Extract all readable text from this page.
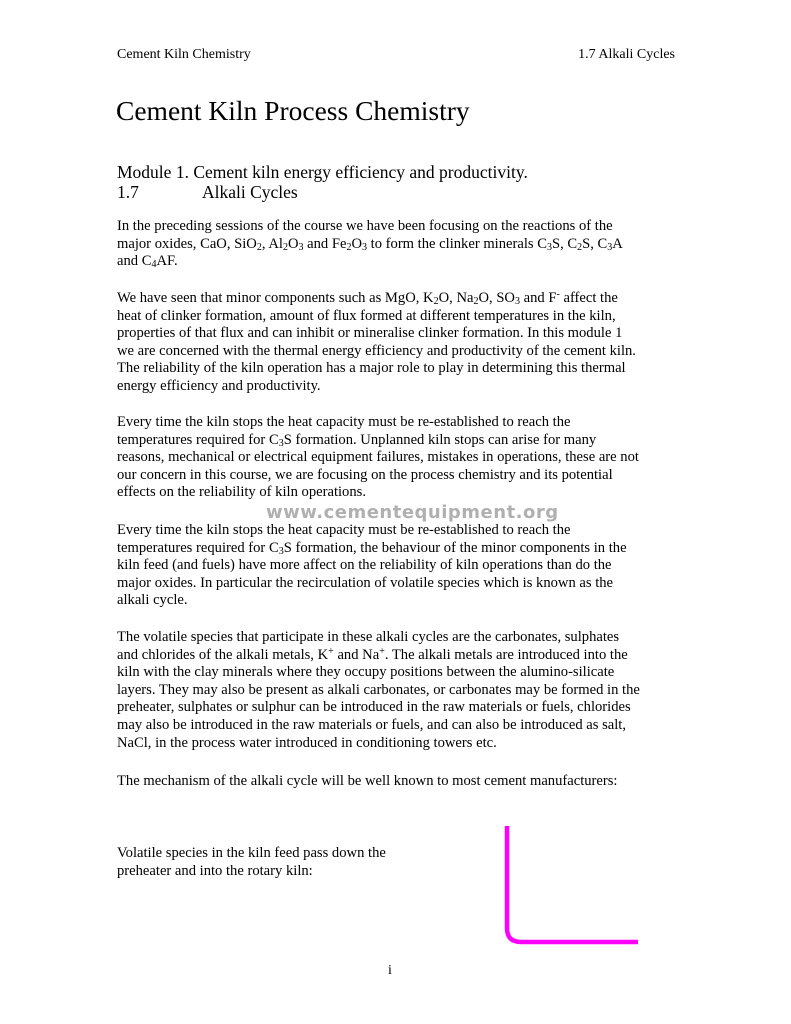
Cement Kiln Chemistry	1.7 Alkali Cycles
Cement Kiln Process Chemistry
Module 1. Cement kiln energy efficiency and productivity.
1.7	Alkali Cycles
In the preceding sessions of the course we have been focusing on the reactions of the
major oxides, CaO, SiO$_2$, $Al_2O_3$ and $Fe_2O_3$ to form the clinker minerals $C_3S$, $C_2S$, $C_3A$
and $C_4AF$.
We have seen that minor components such as MgO, $K_2O$, $Na_2O$, $SO_3$ and F- affect the
heat of clinker formation, amount of flux formed at different temperatures in the kiln,
properties of that flux and can inhibit or mineralise clinker formation. In this module 1
we are concerned with the thermal energy efficiency and productivity of the cement kiln.
The reliability of the kiln operation has a major role to play in determining this thermal
energy efficiency and productivity.
Every time the kiln stops the heat capacity must be re-established to reach the
temperatures required for $C_3S$ formation. Unplanned kiln stops can arise for many
reasons, mechanical or electrical equipment failures, mistakes in operations, these are not
our concern in this course, we are focusing on the process chemistry and its potential
effects on the reliability of kiln operations.
Every time the kiln stops the heat capacity must be re-established to reach the
temperatures required for $C_3S$ formation, the behaviour of the minor components in the
kiln feed (and fuels) have more affect on the reliability of kiln operations than do the
major oxides. In particular the recirculation of volatile species which is known as the
alkali cycle.
The volatile species that participate in these alkali cycles are the carbonates, sulphates
and chlorides of the alkali metals, K+ and Na+. The alkali metals are introduced into the
kiln with the clay minerals where they occupy positions between the alumino-silicate
layers. They may also be present as alkali carbonates, or carbonates may be formed in the
preheater, sulphates or sulphur can be introduced in the raw materials or fuels, chlorides
may also be introduced in the raw materials or fuels, and can also be introduced as salt,
NaCl, in the process water introduced in conditioning towers etc.
The mechanism of the alkali cycle will be well known to most cement manufacturers:
www.cementequipment.org
Volatile species in the kiln feed pass down the
preheater and into the rotary kiln:
i
